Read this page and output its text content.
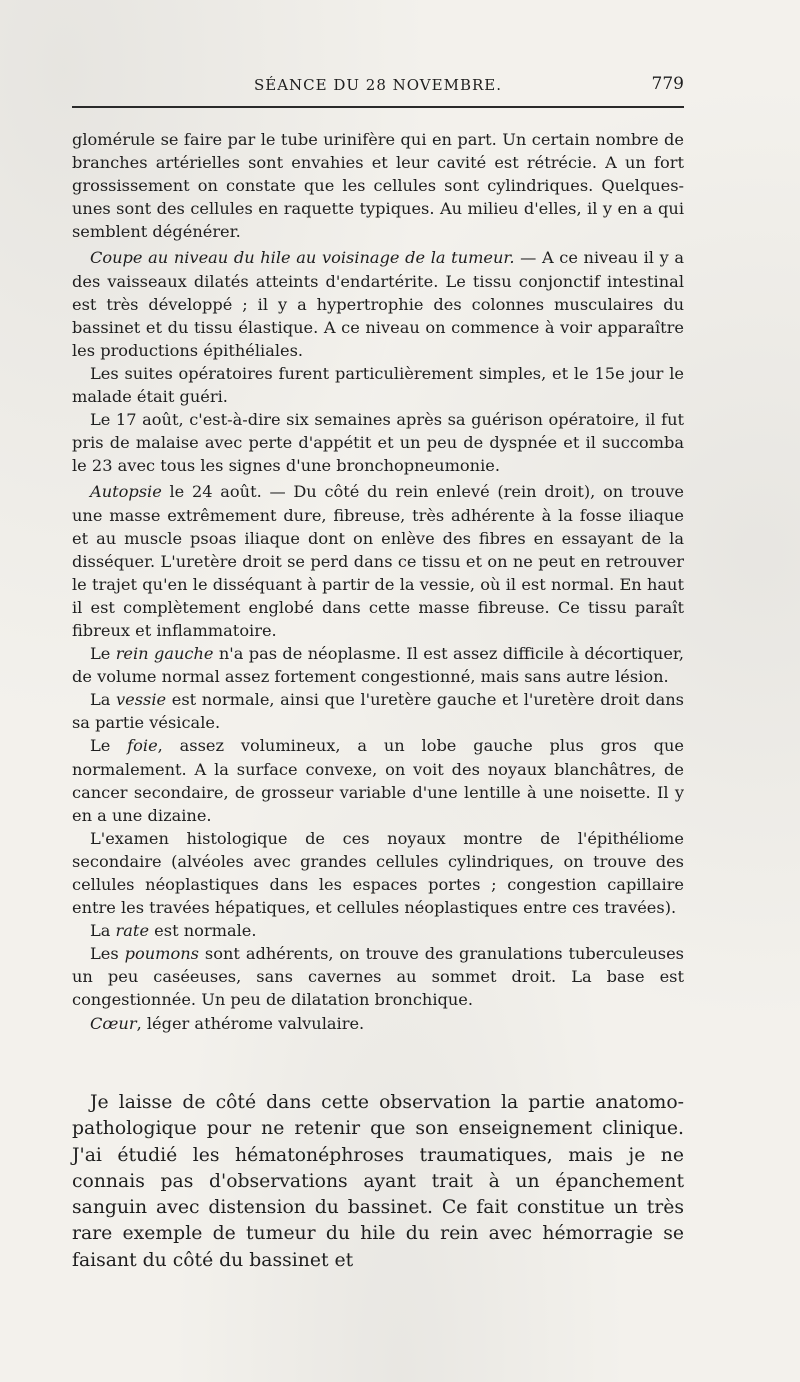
SÉANCE DU 28 NOVEMBRE.	779

glomérule se faire par le tube urinifère qui en part. Un certain nombre de branches artérielles sont envahies et leur cavité est rétrécie. A un fort grossissement on constate que les cellules sont cylindriques. Quelques-unes sont des cellules en raquette typiques. Au milieu d'elles, il y en a qui semblent dégénérer.

Coupe au niveau du hile au voisinage de la tumeur. — A ce niveau il y a des vaisseaux dilatés atteints d'endartérite. Le tissu conjonctif intestinal est très développé ; il y a hypertrophie des colonnes musculaires du bassinet et du tissu élastique. A ce niveau on commence à voir apparaître les productions épithéliales.

Les suites opératoires furent particulièrement simples, et le 15e jour le malade était guéri.

Le 17 août, c'est-à-dire six semaines après sa guérison opératoire, il fut pris de malaise avec perte d'appétit et un peu de dyspnée et il succomba le 23 avec tous les signes d'une bronchopneumonie.

Autopsie le 24 août. — Du côté du rein enlevé (rein droit), on trouve une masse extrêmement dure, fibreuse, très adhérente à la fosse iliaque et au muscle psoas iliaque dont on enlève des fibres en essayant de la disséquer. L'uretère droit se perd dans ce tissu et on ne peut en retrouver le trajet qu'en le disséquant à partir de la vessie, où il est normal. En haut il est complètement englobé dans cette masse fibreuse. Ce tissu paraît fibreux et inflammatoire.

Le rein gauche n'a pas de néoplasme. Il est assez difficile à décortiquer, de volume normal assez fortement congestionné, mais sans autre lésion.

La vessie est normale, ainsi que l'uretère gauche et l'uretère droit dans sa partie vésicale.

Le foie, assez volumineux, a un lobe gauche plus gros que normalement. A la surface convexe, on voit des noyaux blanchâtres, de cancer secondaire, de grosseur variable d'une lentille à une noisette. Il y en a une dizaine.

L'examen histologique de ces noyaux montre de l'épithéliome secondaire (alvéoles avec grandes cellules cylindriques, on trouve des cellules néoplastiques dans les espaces portes ; congestion capillaire entre les travées hépatiques, et cellules néoplastiques entre ces travées).

La rate est normale.

Les poumons sont adhérents, on trouve des granulations tuberculeuses un peu caséeuses, sans cavernes au sommet droit. La base est congestionnée. Un peu de dilatation bronchique.

Cœur, léger athérome valvulaire.

Je laisse de côté dans cette observation la partie anatomo-pathologique pour ne retenir que son enseignement clinique. J'ai étudié les hématonéphroses traumatiques, mais je ne connais pas d'observations ayant trait à un épanchement sanguin avec distension du bassinet. Ce fait constitue un très rare exemple de tumeur du hile du rein avec hémorragie se faisant du côté du bassinet et
